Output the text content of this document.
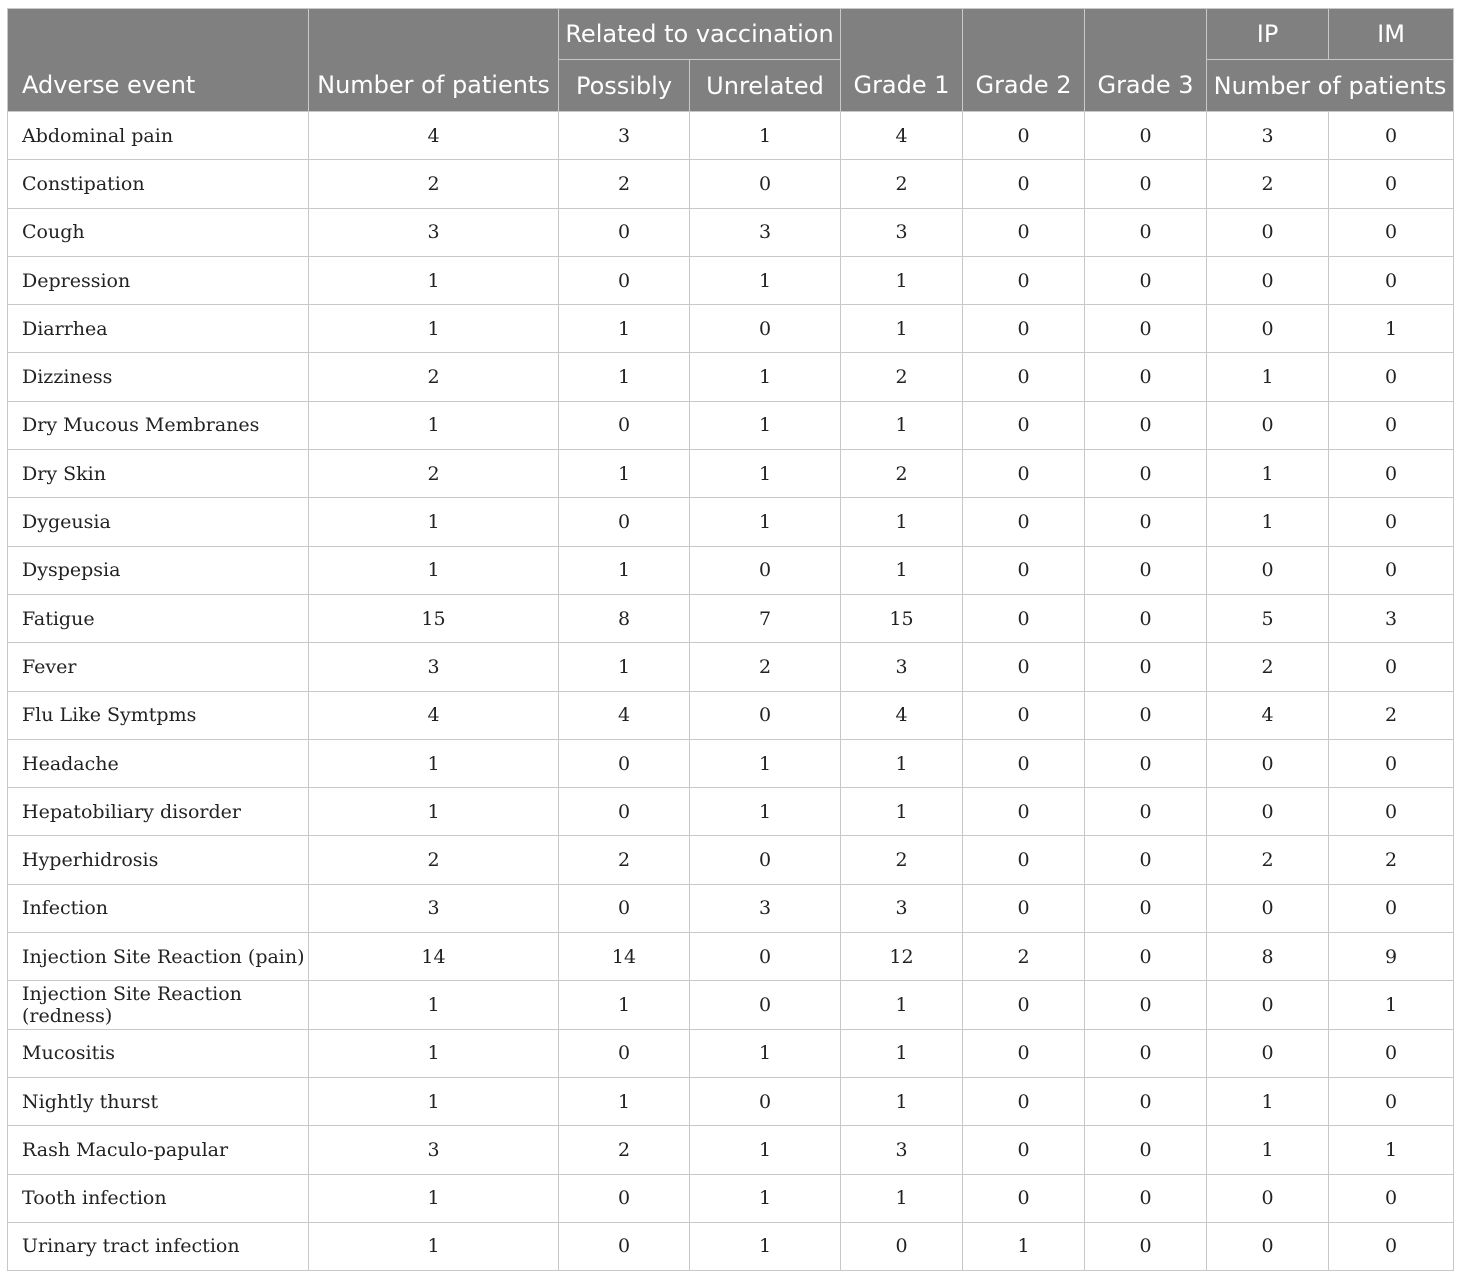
Adverse event	Number of patients	Related to vaccination		Grade 1	Grade 2	Grade 3	IP	IM
		Possibly	Unrelated				Number of patients	
Abdominal pain	4	3	1	4	0	0	3	0
Constipation	2	2	0	2	0	0	2	0
Cough	3	0	3	3	0	0	0	0
Depression	1	0	1	1	0	0	0	0
Diarrhea	1	1	0	1	0	0	0	1
Dizziness	2	1	1	2	0	0	1	0
Dry Mucous Membranes	1	0	1	1	0	0	0	0
Dry Skin	2	1	1	2	0	0	1	0
Dygeusia	1	0	1	1	0	0	1	0
Dyspepsia	1	1	0	1	0	0	0	0
Fatigue	15	8	7	15	0	0	5	3
Fever	3	1	2	3	0	0	2	0
Flu Like Symtpms	4	4	0	4	0	0	4	2
Headache	1	0	1	1	0	0	0	0
Hepatobiliary disorder	1	0	1	1	0	0	0	0
Hyperhidrosis	2	2	0	2	0	0	2	2
Infection	3	0	3	3	0	0	0	0
Injection Site Reaction (pain)	14	14	0	12	2	0	8	9
Injection Site Reaction (redness)	1	1	0	1	0	0	0	1
Mucositis	1	0	1	1	0	0	0	0
Nightly thurst	1	1	0	1	0	0	1	0
Rash Maculo-papular	3	2	1	3	0	0	1	1
Tooth infection	1	0	1	1	0	0	0	0
Urinary tract infection	1	0	1	0	1	0	0	0
